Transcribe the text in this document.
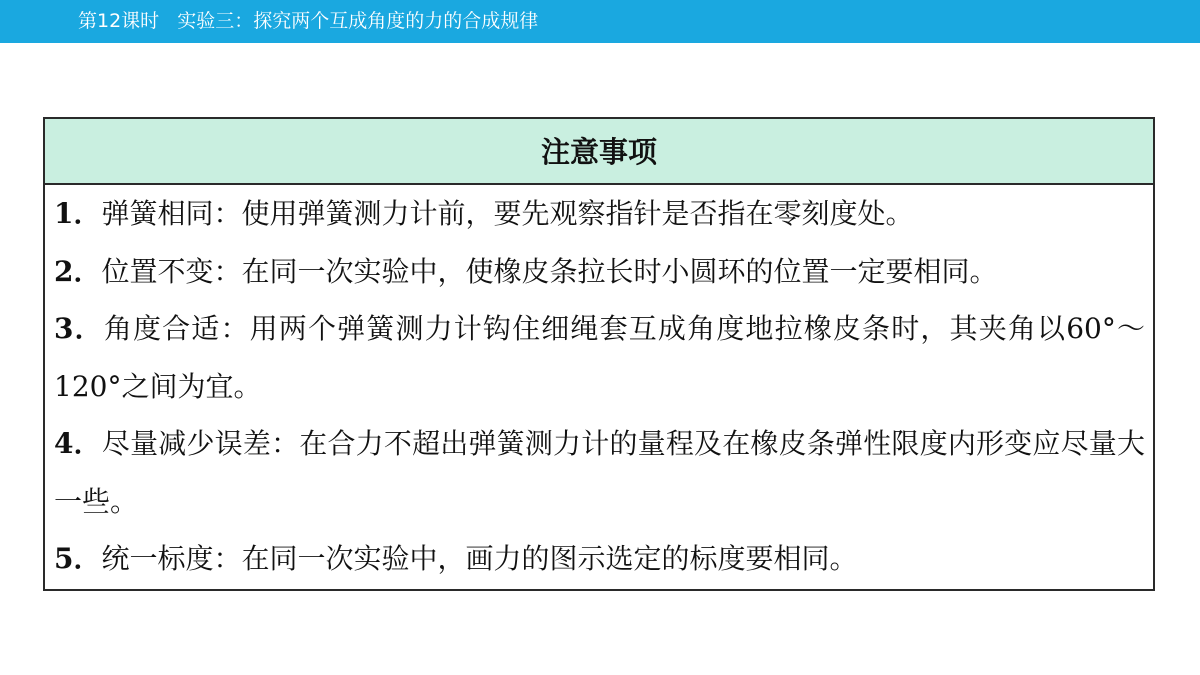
第12课时 实验三：探究两个互成角度的力的合成规律
注意事项
1．弹簧相同：使用弹簧测力计前，要先观察指针是否指在零刻度处。
2．位置不变：在同一次实验中，使橡皮条拉长时小圆环的位置一定要相同。
3．角度合适：用两个弹簧测力计钩住细绳套互成角度地拉橡皮条时，其夹角以60°～120°之间为宜。
4．尽量减少误差：在合力不超出弹簧测力计的量程及在橡皮条弹性限度内形变应尽量大一些。
5．统一标度：在同一次实验中，画力的图示选定的标度要相同。
